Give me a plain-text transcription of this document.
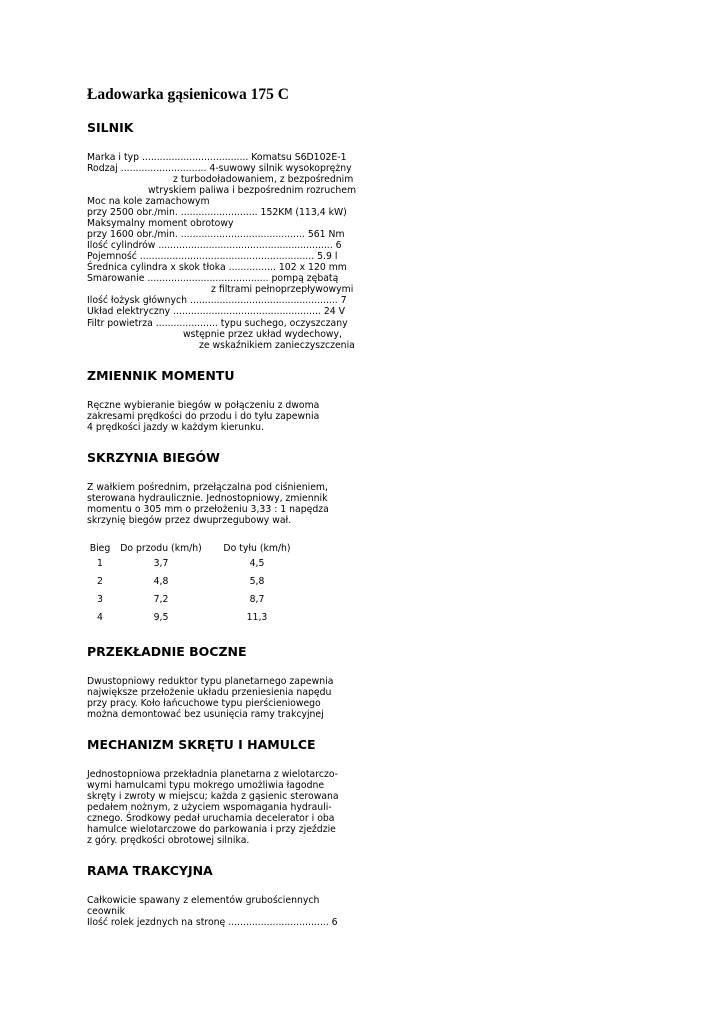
Ładowarka gąsienicowa 175 C
SILNIK

Marka i typ .................................... Komatsu S6D102E-1

Rodzaj ............................. 4-suwowy silnik wysokoprężny

z turbodoładowaniem, z bezpośrednim

wtryskiem paliwa i bezpośrednim rozruchem

Moc na kole zamachowym

przy 2500 obr./min. .......................... 152KM (113,4 kW)

Maksymalny moment obrotowy

przy 1600 obr./min. .......................................... 561 Nm

Ilość cylindrów ........................................................... 6

Pojemność ........................................................... 5.9 l

Średnica cylindra x skok tłoka ................ 102 x 120 mm

Smarowanie ......................................... pompą zębatą

z filtrami pełnoprzepływowymi

Ilość łożysk głównych .................................................. 7

Układ elektryczny .................................................. 24 V

Filtr powietrza ..................... typu suchego, oczyszczany

wstępnie przez układ wydechowy,

ze wskaźnikiem zanieczyszczenia

ZMIENNIK MOMENTU

Ręczne wybieranie biegów w połączeniu z dwoma

zakresami prędkości do przodu i do tyłu zapewnia

4 prędkości jazdy w każdym kierunku.

SKRZYNIA BIEGÓW

Z wałkiem pośrednim, przełączalna pod ciśnieniem,

sterowana hydraulicznie. Jednostopniowy, zmiennik

momentu o 305 mm o przełożeniu 3,33 : 1 napędza

skrzynię biegów przez dwuprzegubowy wał.

Bieg	Do przodu (km/h)	Do tyłu (km/h)
1	3,7	4,5
2	4,8	5,8
3	7,2	8,7
4	9,5	11,3
PRZEKŁADNIE BOCZNE

Dwustopniowy reduktor typu planetarnego zapewnia

największe przełożenie układu przeniesienia napędu

przy pracy. Koło łańcuchowe typu pierścieniowego

można demontować bez usunięcia ramy trakcyjnej

MECHANIZM SKRĘTU I HAMULCE

Jednostopniowa przekładnia planetarna z wielotarczo-

wymi hamulcami typu mokrego umożliwia łagodne

skręty i zwroty w miejscu; każda z gąsienic sterowana

pedałem nożnym, z użyciem wspomagania hydrauli-

cznego. Środkowy pedał uruchamia decelerator i oba

hamulce wielotarczowe do parkowania i przy zjeździe

z góry. prędkości obrotowej silnika.

RAMA TRAKCYJNA

Całkowicie spawany z elementów grubościennych

ceownik

Ilość rolek jezdnych na stronę .................................. 6
